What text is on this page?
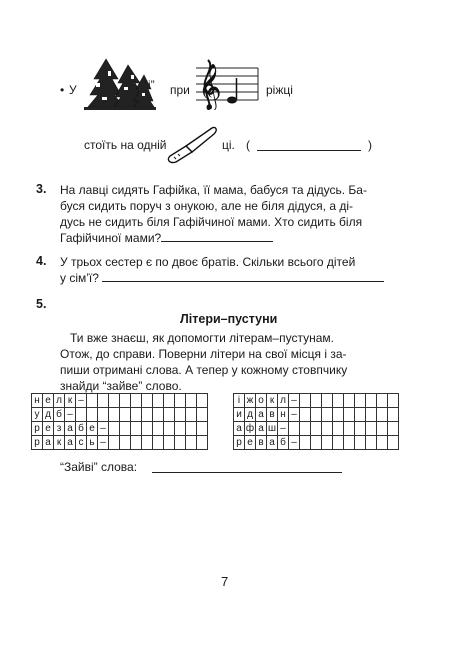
• У	“і” при 𝄞	ріжці
стоїть на одній	ці. (	)
3. На лавці сидять Гафійка, її мама, бабуся та дідусь. Ба-
буся сидить поруч з онукою, але не біля дідуся, а ді-
дусь не сидить біля Гафійчиної мами. Хто сидить біля
Гафійчиної мами?
4. У трьох сестер є по двоє братів. Скільки всього дітей
у сім’ї?
5.
Літери–пустуни
Ти вже знаєш, як допомогти літерам–пустунам.
Отож, до справи. Поверни літери на свої місця і за-
пиши отримані слова. А тепер у кожному стовпчику
знайди “зайве” слово.
н	е	л	к	–											
у	д	б	–												
р	е	з	а	б	е	–									
р	а	к	а	с	ь	–									
і	ж	о	к	л	–									
и	д	а	в	н	–									
а	ф	а	ш	–										
р	е	в	а	б	–									
“Зайві” слова:
7
